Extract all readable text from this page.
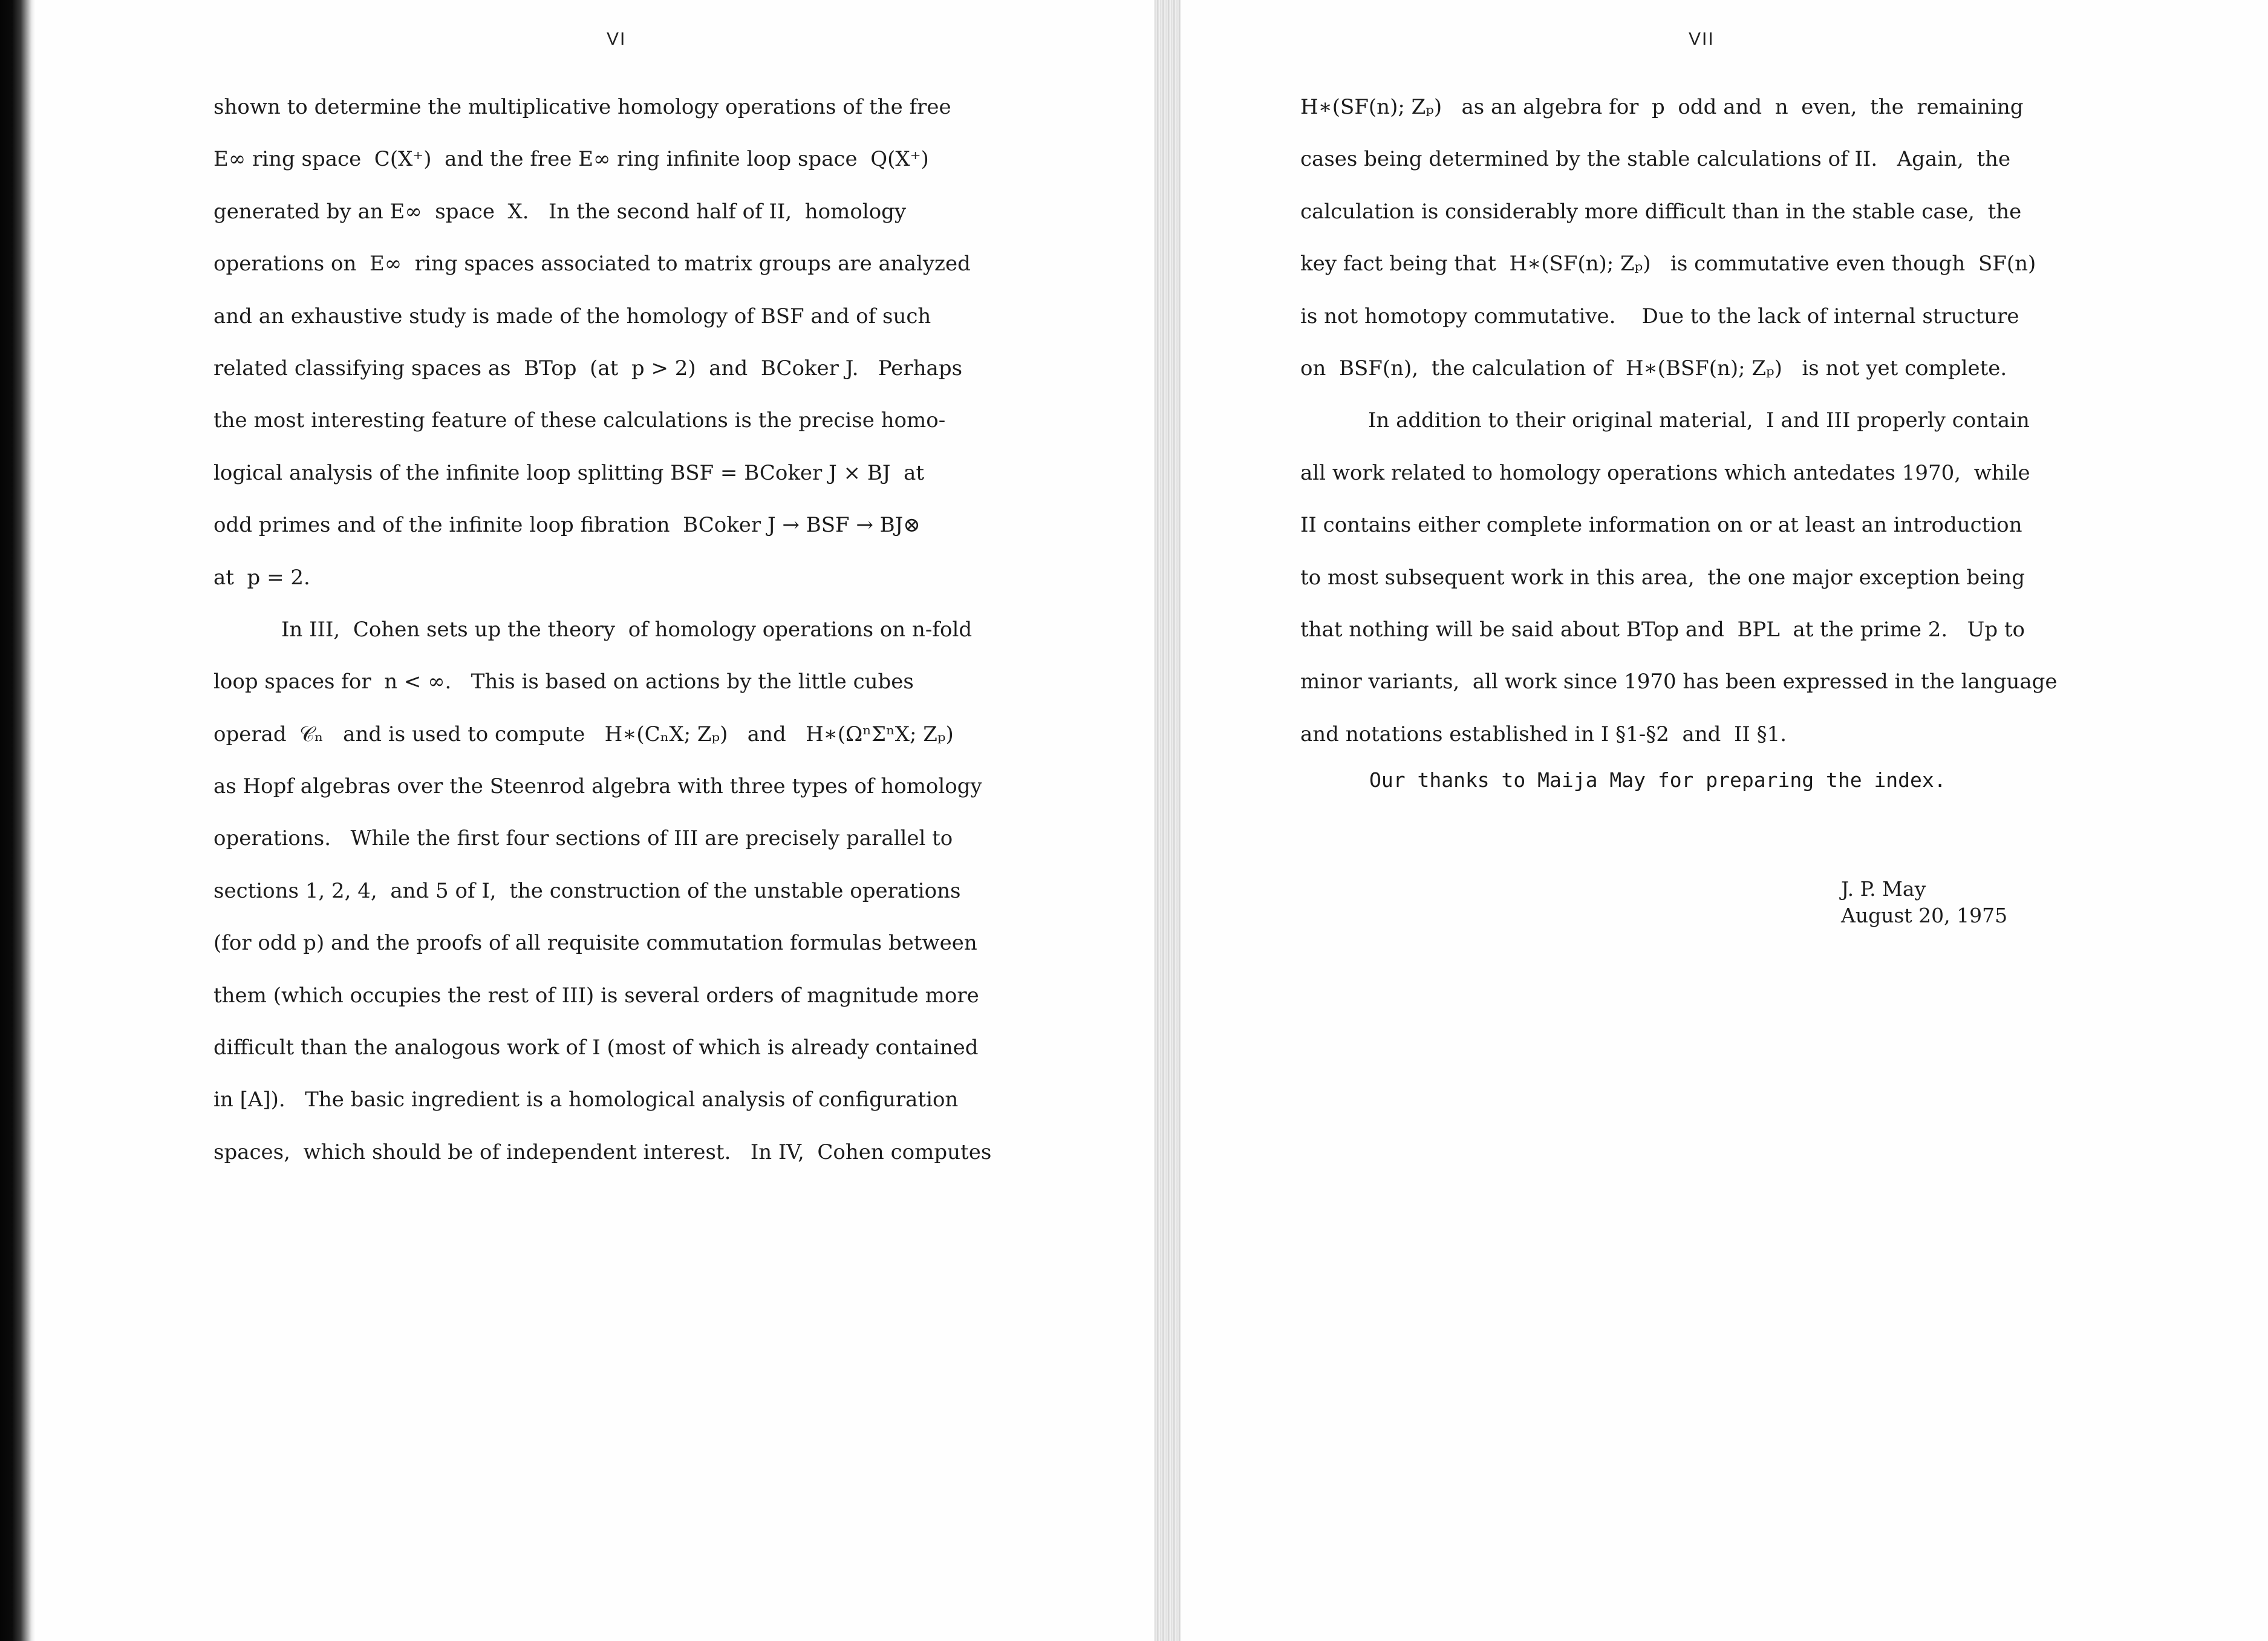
VI
shown to determine the multiplicative homology operations of the free
E∞ ring space  C(X⁺)  and the free E∞ ring infinite loop space  Q(X⁺)
generated by an E∞  space  X.   In the second half of II,  homology
operations on  E∞  ring spaces associated to matrix groups are analyzed
and an exhaustive study is made of the homology of BSF and of such
related classifying spaces as  BTop  (at  p > 2)  and  BCoker J.   Perhaps
the most interesting feature of these calculations is the precise homo-
logical analysis of the infinite loop splitting BSF = BCoker J × BJ  at
odd primes and of the infinite loop fibration  BCoker J → BSF → BJ⊗
at  p = 2.
In III,  Cohen sets up the theory  of homology operations on n-fold
loop spaces for  n < ∞.   This is based on actions by the little cubes
operad  𝒞ₙ   and is used to compute   H∗(CₙX; Zₚ)   and   H∗(ΩⁿΣⁿX; Zₚ)
as Hopf algebras over the Steenrod algebra with three types of homology
operations.   While the first four sections of III are precisely parallel to
sections 1, 2, 4,  and 5 of I,  the construction of the unstable operations
(for odd p) and the proofs of all requisite commutation formulas between
them (which occupies the rest of III) is several orders of magnitude more
difficult than the analogous work of I (most of which is already contained
in [A]).   The basic ingredient is a homological analysis of configuration
spaces,  which should be of independent interest.   In IV,  Cohen computes
VII
H∗(SF(n); Zₚ)   as an algebra for  p  odd and  n  even,  the  remaining
cases being determined by the stable calculations of II.   Again,  the
calculation is considerably more difficult than in the stable case,  the
key fact being that  H∗(SF(n); Zₚ)   is commutative even though  SF(n)
is not homotopy commutative.    Due to the lack of internal structure
on  BSF(n),  the calculation of  H∗(BSF(n); Zₚ)   is not yet complete.
In addition to their original material,  I and III properly contain
all work related to homology operations which antedates 1970,  while
II contains either complete information on or at least an introduction
to most subsequent work in this area,  the one major exception being
that nothing will be said about BTop and  BPL  at the prime 2.   Up to
minor variants,  all work since 1970 has been expressed in the language
and notations established in I §1-§2  and  II §1.
Our thanks to Maija May for preparing the index.
J. P. May
August 20, 1975
